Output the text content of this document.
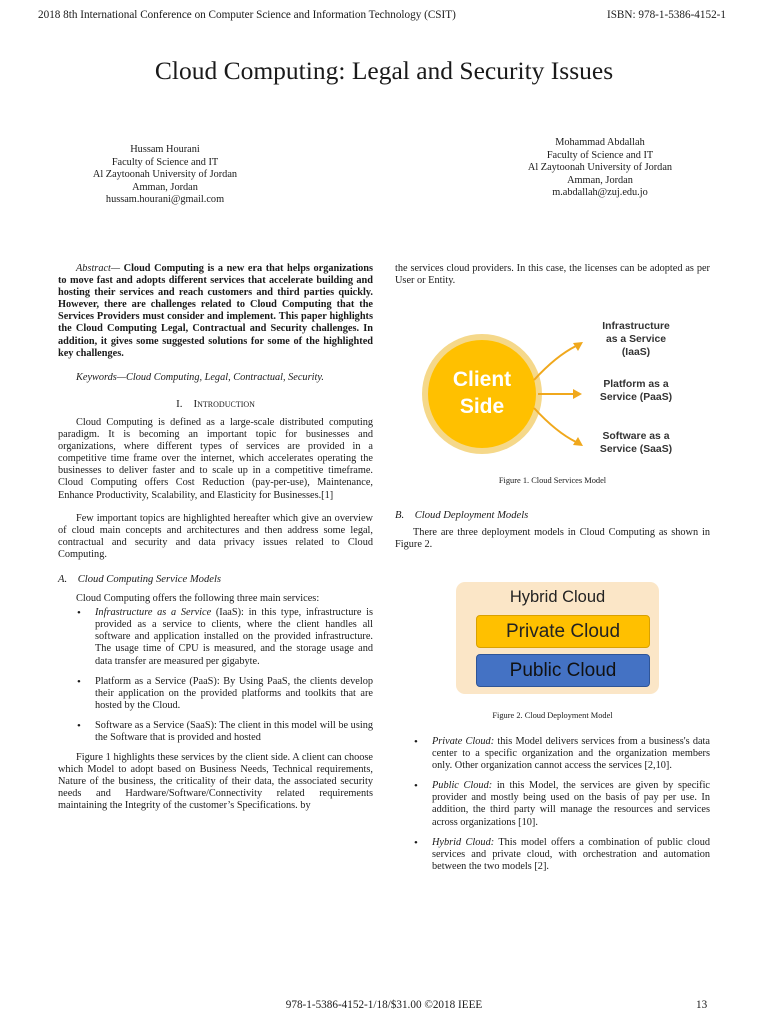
2018 8th International Conference on Computer Science and Information Technology (CSIT)	ISBN: 978-1-5386-4152-1
Cloud Computing: Legal and Security Issues
Hussam Hourani
Faculty of Science and IT
Al Zaytoonah University of Jordan
Amman, Jordan
hussam.hourani@gmail.com
Mohammad Abdallah
Faculty of Science and IT
Al Zaytoonah University of Jordan
Amman, Jordan
m.abdallah@zuj.edu.jo

Abstract— Cloud Computing is a new era that helps organizations to move fast and adopts different services that accelerate building and hosting their services and reach customers and third parties quickly. However, there are challenges related to Cloud Computing that the Services Providers must consider and implement. This paper highlights the Cloud Computing Legal, Contractual and Security challenges. In addition, it gives some suggested solutions for some of the highlighted key challenges.

Keywords—Cloud Computing, Legal, Contractual, Security.

I. Introduction

Cloud Computing is defined as a large-scale distributed computing paradigm. It is becoming an important topic for businesses and organizations, where different types of services are provided in a competitive time frame over the internet, which accelerates operating the businesses to deliver faster and to scale up in a competitive timeframe. Cloud Computing offers Cost Reduction (pay-per-use), Maintenance, Enhance Productivity, Scalability, and Elasticity for Businesses.[1]

Few important topics are highlighted hereafter which give an overview of cloud main concepts and architectures and then address some legal, contractual and security and data privacy issues related to Cloud Computing.

A. Cloud Computing Service Models

Cloud Computing offers the following three main services:

• Infrastructure as a Service (IaaS): in this type, infrastructure is provided as a service to clients, where the client handles all software and application installed on the provided infrastructure. The usage time of CPU is measured, and the storage usage and data transfer are measured per gigabyte.
• Platform as a Service (PaaS): By Using PaaS, the clients develop their application on the provided platforms and toolkits that are hosted by the Cloud.
• Software as a Service (SaaS): The client in this model will be using the Software that is provided and hosted

Figure 1 highlights these services by the client side. A client can choose which Model to adopt based on Business Needs, Technical requirements, Nature of the business, the criticality of their data, the associated security needs and Hardware/Software/Connectivity related requirements maintaining the Integrity of the customer’s Specifications. by

the services cloud providers. In this case, the licenses can be adopted as per User or Entity.

Client
Side
Infrastructure
as a Service
(IaaS)
Platform as a
Service (PaaS)
Software as a
Service (SaaS)
Figure 1. Cloud Services Model

B. Cloud Deployment Models

There are three deployment models in Cloud Computing as shown in Figure 2.

Hybrid Cloud
Private Cloud
Public Cloud
Figure 2. Cloud Deployment Model
• Private Cloud: this Model delivers services from a business's data center to a specific organization and the organization members only. Other organization cannot access the services [2,10].
• Public Cloud: in this Model, the services are given by specific provider and mostly being used on the basis of pay per use. In addition, the third party will manage the resources and services across organizations [10].
• Hybrid Cloud: This model offers a combination of public cloud services and private cloud, with orchestration and automation between the two models [2].
978-1-5386-4152-1/18/$31.00 ©2018 IEEE	13
